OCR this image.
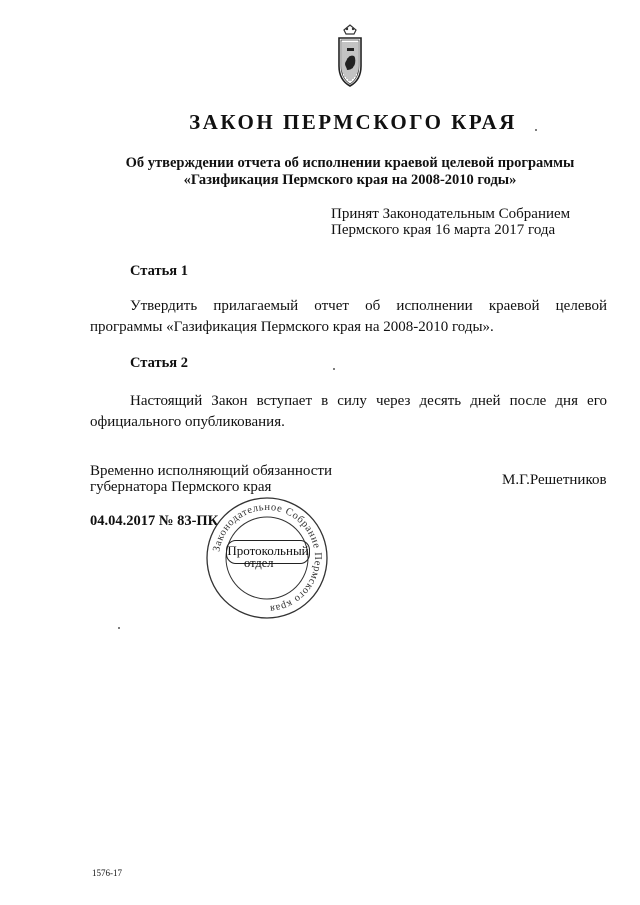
ЗАКОН ПЕРМСКОГО КРАЯ
Об утверждении отчета об исполнении краевой целевой программы
«Газификация Пермского края на 2008-2010 годы»
Принят Законодательным Собранием
Пермского края 16 марта 2017 года
Статья 1
Утвердить прилагаемый отчет об исполнении краевой целевой программы «Газификация Пермского края на 2008-2010 годы».
Статья 2
Настоящий Закон вступает в силу через десять дней после дня его официального опубликования.
Временно исполняющий обязанности
губернатора Пермского края	М.Г.Решетников
04.04.2017 № 83-ПК
Законодательное Собрание Пермского края
Протокольный
отдел
1576-17
